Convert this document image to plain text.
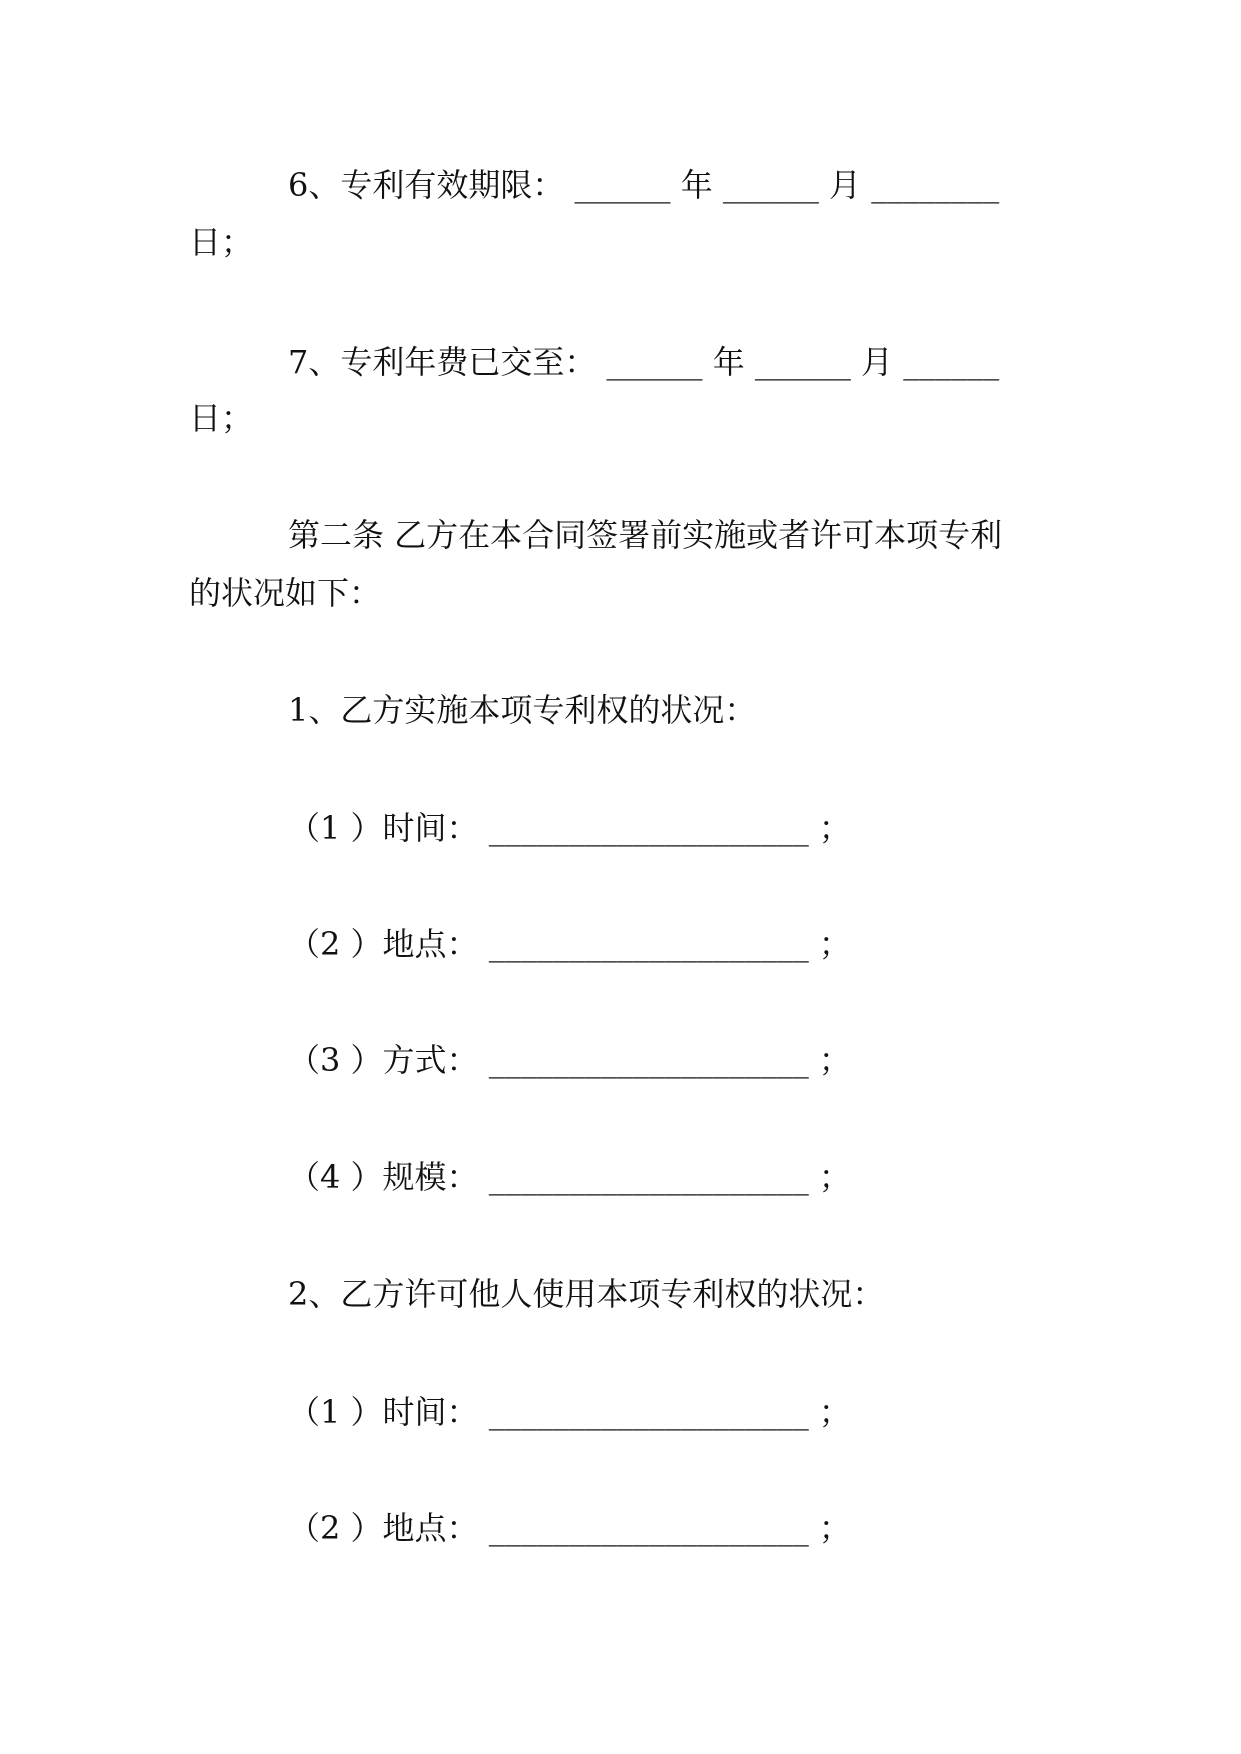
6、专利有效期限： ______ 年 ______ 月 ________
日；
7、专利年费已交至： ______ 年 ______ 月 ______
日；
第二条 乙方在本合同签署前实施或者许可本项专利
的状况如下：
1、乙方实施本项专利权的状况：
（1 ）时间： ____________________ ；
（2 ）地点： ____________________ ；
（3 ）方式： ____________________ ；
（4 ）规模： ____________________ ；
2、乙方许可他人使用本项专利权的状况：
（1 ）时间： ____________________ ；
（2 ）地点： ____________________ ；
